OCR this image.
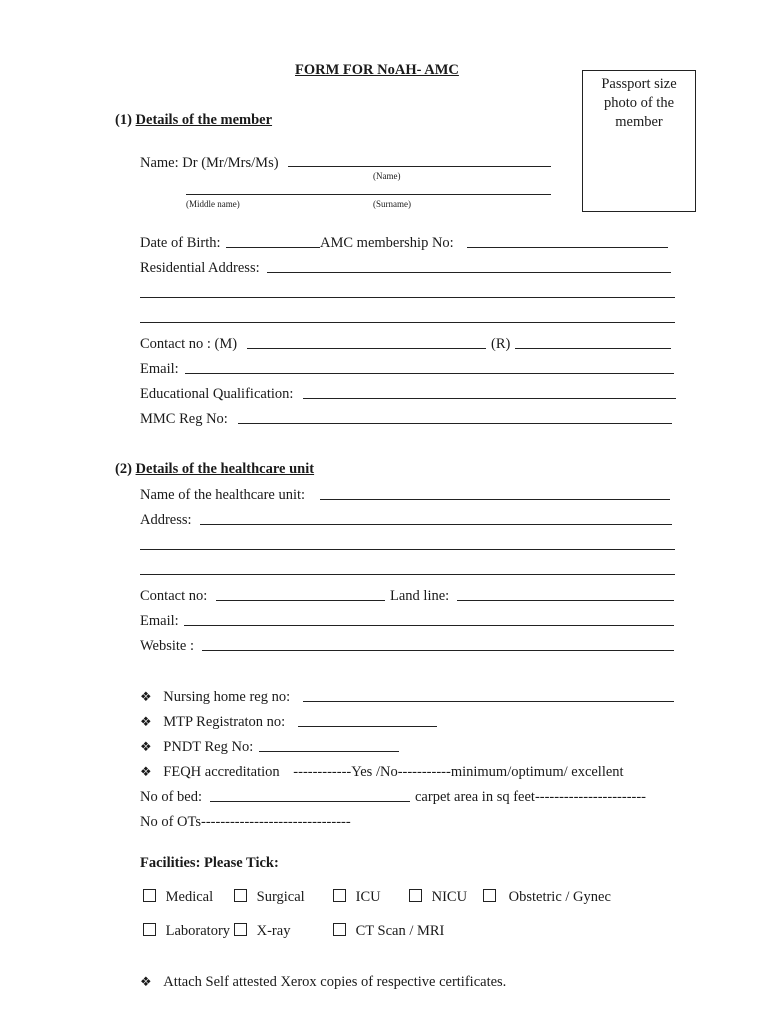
FORM FOR NoAH- AMC
Passport size
photo of the
member
(1) Details of the member
Name: Dr (Mr/Mrs/Ms)
(Name)
(Middle name)	(Surname)
Date of Birth:	AMC membership No:
Residential Address:
Contact no : (M)	(R)
Email:
Educational Qualification:
MMC Reg No:
(2) Details of the healthcare unit
Name of the healthcare unit:
Address:
Contact no:	Land line:
Email:
Website :
❖ Nursing home reg no:
❖ MTP Registraton no:
❖ PNDT Reg No:
❖ FEQH accreditation ------------Yes /No-----------minimum/optimum/ excellent
No of bed:	carpet area in sq feet-----------------------
No of OTs-------------------------------
Facilities: Please Tick:
Medical	Surgical	ICU	NICU	Obstetric / Gynec
Laboratory	X-ray	CT Scan / MRI
❖ Attach Self attested Xerox copies of respective certificates.
